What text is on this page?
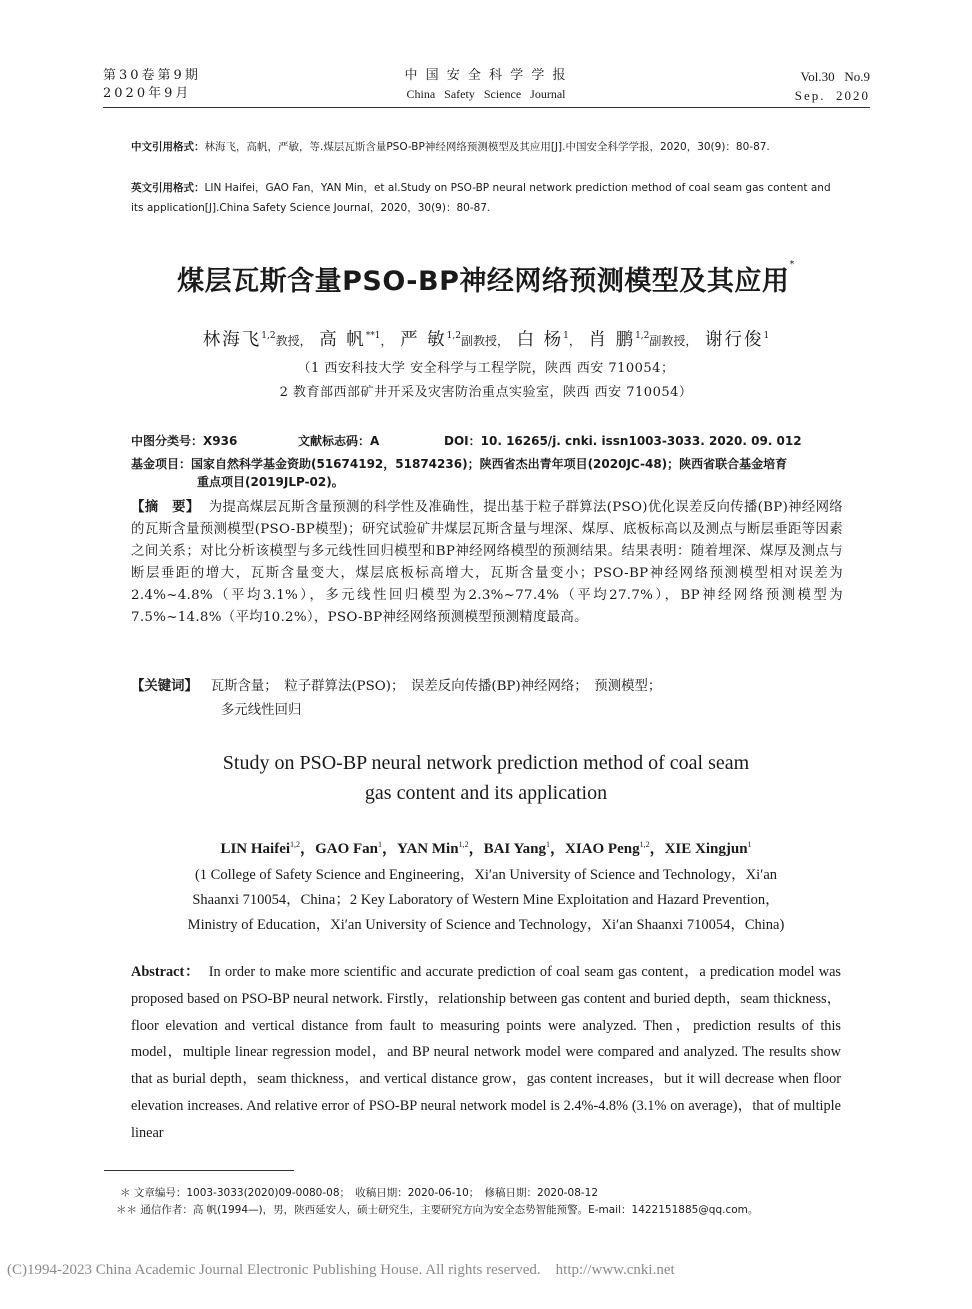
第30卷第9期
2020年9月
中 国 安 全 科 学 学 报
China   Safety   Science   Journal
Vol.30   No.9
Sep.  2020
中文引用格式：林海飞，高帆，严敏，等.煤层瓦斯含量PSO-BP神经网络预测模型及其应用[J].中国安全科学学报，2020，30(9)：80-87.
英文引用格式：LIN Haifei，GAO Fan，YAN Min，et al.Study on PSO-BP neural network prediction method of coal seam gas content and its application[J].China Safety Science Journal，2020，30(9)：80-87.
煤层瓦斯含量PSO-BP神经网络预测模型及其应用*
林海飞$^{1,2}$教授， 高 帆$^{**1}$， 严 敏$^{1,2}$副教授， 白 杨$^1$， 肖 鹏$^{1,2}$副教授， 谢行俊$^1$
（1 西安科技大学 安全科学与工程学院，陕西 西安 710054；
2 教育部西部矿井开采及灾害防治重点实验室，陕西 西安 710054）
中图分类号：X936	文献标志码：A	DOI：10. 16265/j. cnki. issn1003-3033. 2020. 09. 012
基金项目：国家自然科学基金资助(51674192，51874236)；陕西省杰出青年项目(2020JC-48)；陕西省联合基金培育
重点项目(2019JLP-02)。
【摘　要】 为提高煤层瓦斯含量预测的科学性及准确性，提出基于粒子群算法(PSO)优化误差反向传播(BP)神经网络的瓦斯含量预测模型(PSO-BP模型)；研究试验矿井煤层瓦斯含量与埋深、煤厚、底板标高以及测点与断层垂距等因素之间关系；对比分析该模型与多元线性回归模型和BP神经网络模型的预测结果。结果表明：随着埋深、煤厚及测点与断层垂距的增大，瓦斯含量变大，煤层底板标高增大，瓦斯含量变小；PSO-BP神经网络预测模型相对误差为2.4%~4.8%（平均3.1%），多元线性回归模型为2.3%~77.4%（平均27.7%），BP神经网络预测模型为7.5%~14.8%（平均10.2%），PSO-BP神经网络预测模型预测精度最高。
【关键词】 瓦斯含量；　粒子群算法(PSO)；　误差反向传播(BP)神经网络；　预测模型；
多元线性回归
Study on PSO-BP neural network prediction method of coal seam
gas content and its application
LIN Haifei$^{1,2}$，GAO Fan$^1$，YAN Min$^{1,2}$，BAI Yang$^1$，XIAO Peng$^{1,2}$，XIE Xingjun$^1$
(1 College of Safety Science and Engineering，Xi′an University of Science and Technology，Xi′an
Shaanxi 710054，China；2 Key Laboratory of Western Mine Exploitation and Hazard Prevention，
Ministry of Education，Xi′an University of Science and Technology，Xi′an Shaanxi 710054，China)
Abstract： In order to make more scientific and accurate prediction of coal seam gas content，a predication model was proposed based on PSO-BP neural network. Firstly，relationship between gas content and buried depth，seam thickness，floor elevation and vertical distance from fault to measuring points were analyzed. Then，prediction results of this model，multiple linear regression model，and BP neural network model were compared and analyzed. The results show that as burial depth，seam thickness，and vertical distance grow，gas content increases，but it will decrease when floor elevation increases. And relative error of PSO-BP neural network model is 2.4%-4.8% (3.1% on average)，that of multiple linear
＊ 文章编号：1003-3033(2020)09-0080-08；　收稿日期：2020-06-10；　修稿日期：2020-08-12
＊＊ 通信作者：高 帆(1994—)，男，陕西延安人，硕士研究生，主要研究方向为安全态势智能预警。E-mail：1422151885@qq.com。
(C)1994-2023 China Academic Journal Electronic Publishing House. All rights reserved.    http://www.cnki.net
